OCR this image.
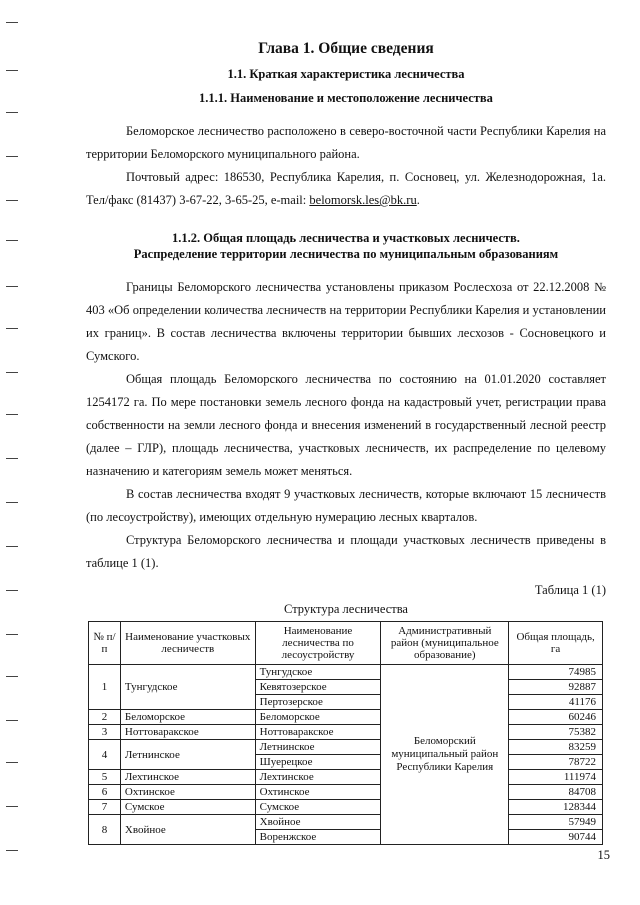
Глава 1. Общие сведения
1.1. Краткая характеристика лесничества
1.1.1. Наименование и местоположение лесничества

Беломорское лесничество расположено в северо-восточной части Республики Карелия на территории Беломорского муниципального района.

Почтовый адрес: 186530, Республика Карелия, п. Сосновец, ул. Железнодорожная, 1а. Тел/факс (81437) 3-67-22, 3-65-25, e-mail: belomorsk.les@bk.ru.

1.1.2. Общая площадь лесничества и участковых лесничеств.
Распределение территории лесничества по муниципальным образованиям

Границы Беломорского лесничества установлены приказом Рослесхоза от 22.12.2008 № 403 «Об определении количества лесничеств на территории Республики Карелия и установлении их границ». В состав лесничества включены территории бывших лесхозов - Сосновецкого и Сумского.

Общая площадь Беломорского лесничества по состоянию на 01.01.2020 составляет 1254172 га. По мере постановки земель лесного фонда на кадастровый учет, регистрации права собственности на земли лесного фонда и внесения изменений в государственный лесной реестр (далее – ГЛР), площадь лесничества, участковых лесничеств, их распределение по целевому назначению и категориям земель может меняться.

В состав лесничества входят 9 участковых лесничеств, которые включают 15 лесничеств (по лесоустройству), имеющих отдельную нумерацию лесных кварталов.

Структура Беломорского лесничества и площади участковых лесничеств приведены в таблице 1 (1).

Таблица 1 (1)
Структура лесничества
№ п/п	Наименование участковых лесничеств	Наименование лесничества по лесоустройству	Административный район (муниципальное образование)	Общая площадь, га
1	Тунгудское	Тунгудское	Беломорский муниципальный район Республики Карелия	74985
		Кевятозерское		92887
		Пертозерское		41176
2	Беломорское	Беломорское		60246
3	Ноттоваракское	Ноттоваракское		75382
4	Летнинское	Летнинское		83259
		Шуерецкое		78722
5	Лехтинское	Лехтинское		111974
6	Охтинское	Охтинское		84708
7	Сумское	Сумское		128344
8	Хвойное	Хвойное		57949
		Воренжское		90744
15
